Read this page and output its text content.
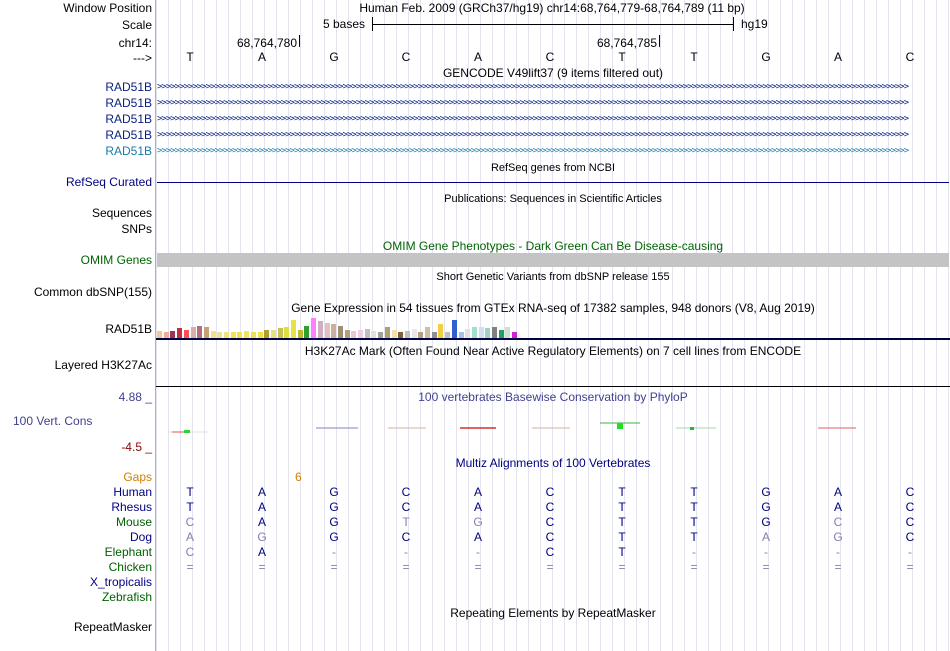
Window Position	Human Feb. 2009 (GRCh37/hg19) chr14:68,764,779-68,764,789 (11 bp)
Scale	5 bases	hg19
chr14:	68,764,780	68,764,785
--->	T	A	G	C	A	C	T	T	G	A	C
GENCODE V49lift37 (9 items filtered out)
RAD51B >>>>>>>>>>>>>>>>>>>>>>>>>>>>>>>>>>>>>>>>>>>>>>>>>>>>>>>>>>>>>>>>>>>>>>>>>>>>>>>>>>>>>>>>>>>>>>>>>>>>>>>>>>>>>>>>>>>>>>>>>>>>>>>>>>>>>>>>>>>>>>>>>>>>>>>>>>>>>>>>>>>>>>>>>>
RAD51B >>>>>>>>>>>>>>>>>>>>>>>>>>>>>>>>>>>>>>>>>>>>>>>>>>>>>>>>>>>>>>>>>>>>>>>>>>>>>>>>>>>>>>>>>>>>>>>>>>>>>>>>>>>>>>>>>>>>>>>>>>>>>>>>>>>>>>>>>>>>>>>>>>>>>>>>>>>>>>>>>>>>>>>>>>
RAD51B >>>>>>>>>>>>>>>>>>>>>>>>>>>>>>>>>>>>>>>>>>>>>>>>>>>>>>>>>>>>>>>>>>>>>>>>>>>>>>>>>>>>>>>>>>>>>>>>>>>>>>>>>>>>>>>>>>>>>>>>>>>>>>>>>>>>>>>>>>>>>>>>>>>>>>>>>>>>>>>>>>>>>>>>>>
RAD51B >>>>>>>>>>>>>>>>>>>>>>>>>>>>>>>>>>>>>>>>>>>>>>>>>>>>>>>>>>>>>>>>>>>>>>>>>>>>>>>>>>>>>>>>>>>>>>>>>>>>>>>>>>>>>>>>>>>>>>>>>>>>>>>>>>>>>>>>>>>>>>>>>>>>>>>>>>>>>>>>>>>>>>>>>>
RAD51B >>>>>>>>>>>>>>>>>>>>>>>>>>>>>>>>>>>>>>>>>>>>>>>>>>>>>>>>>>>>>>>>>>>>>>>>>>>>>>>>>>>>>>>>>>>>>>>>>>>>>>>>>>>>>>>>>>>>>>>>>>>>>>>>>>>>>>>>>>>>>>>>>>>>>>>>>>>>>>>>>>>>>>>>>>
RefSeq genes from NCBI
RefSeq Curated
Publications: Sequences in Scientific Articles
Sequences
SNPs
OMIM Gene Phenotypes - Dark Green Can Be Disease-causing
OMIM Genes
Short Genetic Variants from dbSNP release 155
Common dbSNP(155)
Gene Expression in 54 tissues from GTEx RNA-seq of 17382 samples, 948 donors (V8, Aug 2019)
RAD51B
H3K27Ac Mark (Often Found Near Active Regulatory Elements) on 7 cell lines from ENCODE
Layered H3K27Ac
100 vertebrates Basewise Conservation by PhyloP
4.88 _
100 Vert. Cons
-4.5 _
Multiz Alignments of 100 Vertebrates
Gaps	6
Human	T	A	G	C	A	C	T	T	G	A	C
Rhesus	T	A	G	C	A	C	T	T	G	A	C
Mouse	C	A	G	T	G	C	T	T	G	C	C
Dog	A	G	G	C	A	C	T	T	A	G	C
Elephant	C	A	-	-	-	C	T	-	-	-	-
Chicken	=	=	=	=	=	=	=	=	=	=	=
X_tropicalis
Zebrafish
Repeating Elements by RepeatMasker
RepeatMasker
